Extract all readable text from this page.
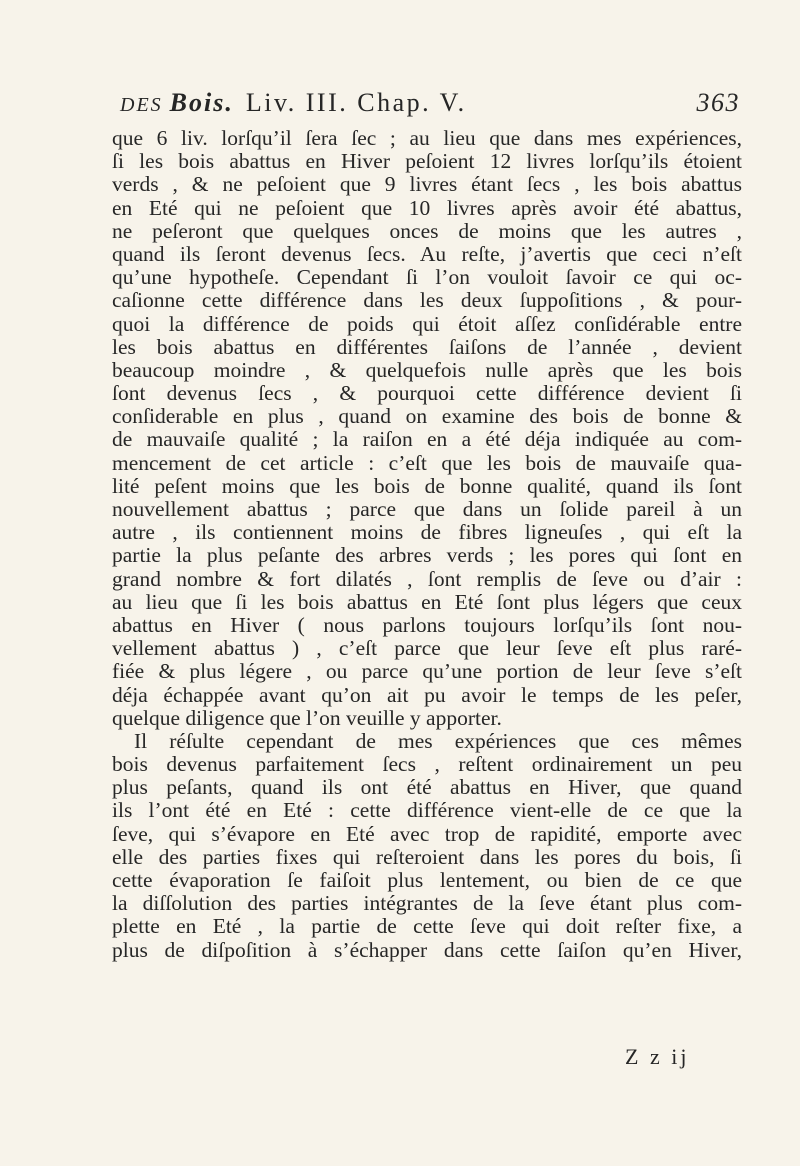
DES Bois. Liv. III. Chap. V.	363
que 6 liv. lorſqu’il ſera ſec ; au lieu que dans mes expériences,
ſi les bois abattus en Hiver peſoient 12 livres lorſqu’ils étoient
verds , & ne peſoient que 9 livres étant ſecs , les bois abattus
en Eté qui ne peſoient que 10 livres après avoir été abattus,
ne peſeront que quelques onces de moins que les autres ,
quand ils ſeront devenus ſecs. Au reſte, j’avertis que ceci n’eſt
qu’une hypotheſe. Cependant ſi l’on vouloit ſavoir ce qui oc-
caſionne cette différence dans les deux ſuppoſitions , & pour-
quoi la différence de poids qui étoit aſſez conſidérable entre
les bois abattus en différentes ſaiſons de l’année , devient
beaucoup moindre , & quelquefois nulle après que les bois
ſont devenus ſecs , & pourquoi cette différence devient ſi
conſiderable en plus , quand on examine des bois de bonne &
de mauvaiſe qualité ; la raiſon en a été déja indiquée au com-
mencement de cet article : c’eſt que les bois de mauvaiſe qua-
lité peſent moins que les bois de bonne qualité, quand ils ſont
nouvellement abattus ; parce que dans un ſolide pareil à un
autre , ils contiennent moins de fibres ligneuſes , qui eſt la
partie la plus peſante des arbres verds ; les pores qui ſont en
grand nombre & fort dilatés , ſont remplis de ſeve ou d’air :
au lieu que ſi les bois abattus en Eté ſont plus légers que ceux
abattus en Hiver ( nous parlons toujours lorſqu’ils ſont nou-
vellement abattus ) , c’eſt parce que leur ſeve eſt plus raré-
fiée & plus légere , ou parce qu’une portion de leur ſeve s’eſt
déja échappée avant qu’on ait pu avoir le temps de les peſer,
quelque diligence que l’on veuille y apporter.
Il réſulte cependant de mes expériences que ces mêmes
bois devenus parfaitement ſecs , reſtent ordinairement un peu
plus peſants, quand ils ont été abattus en Hiver, que quand
ils l’ont été en Eté : cette différence vient-elle de ce que la
ſeve, qui s’évapore en Eté avec trop de rapidité, emporte avec
elle des parties fixes qui reſteroient dans les pores du bois, ſi
cette évaporation ſe faiſoit plus lentement, ou bien de ce que
la diſſolution des parties intégrantes de la ſeve étant plus com-
plette en Eté , la partie de cette ſeve qui doit reſter fixe, a
plus de diſpoſition à s’échapper dans cette ſaiſon qu’en Hiver,
Z z ij
